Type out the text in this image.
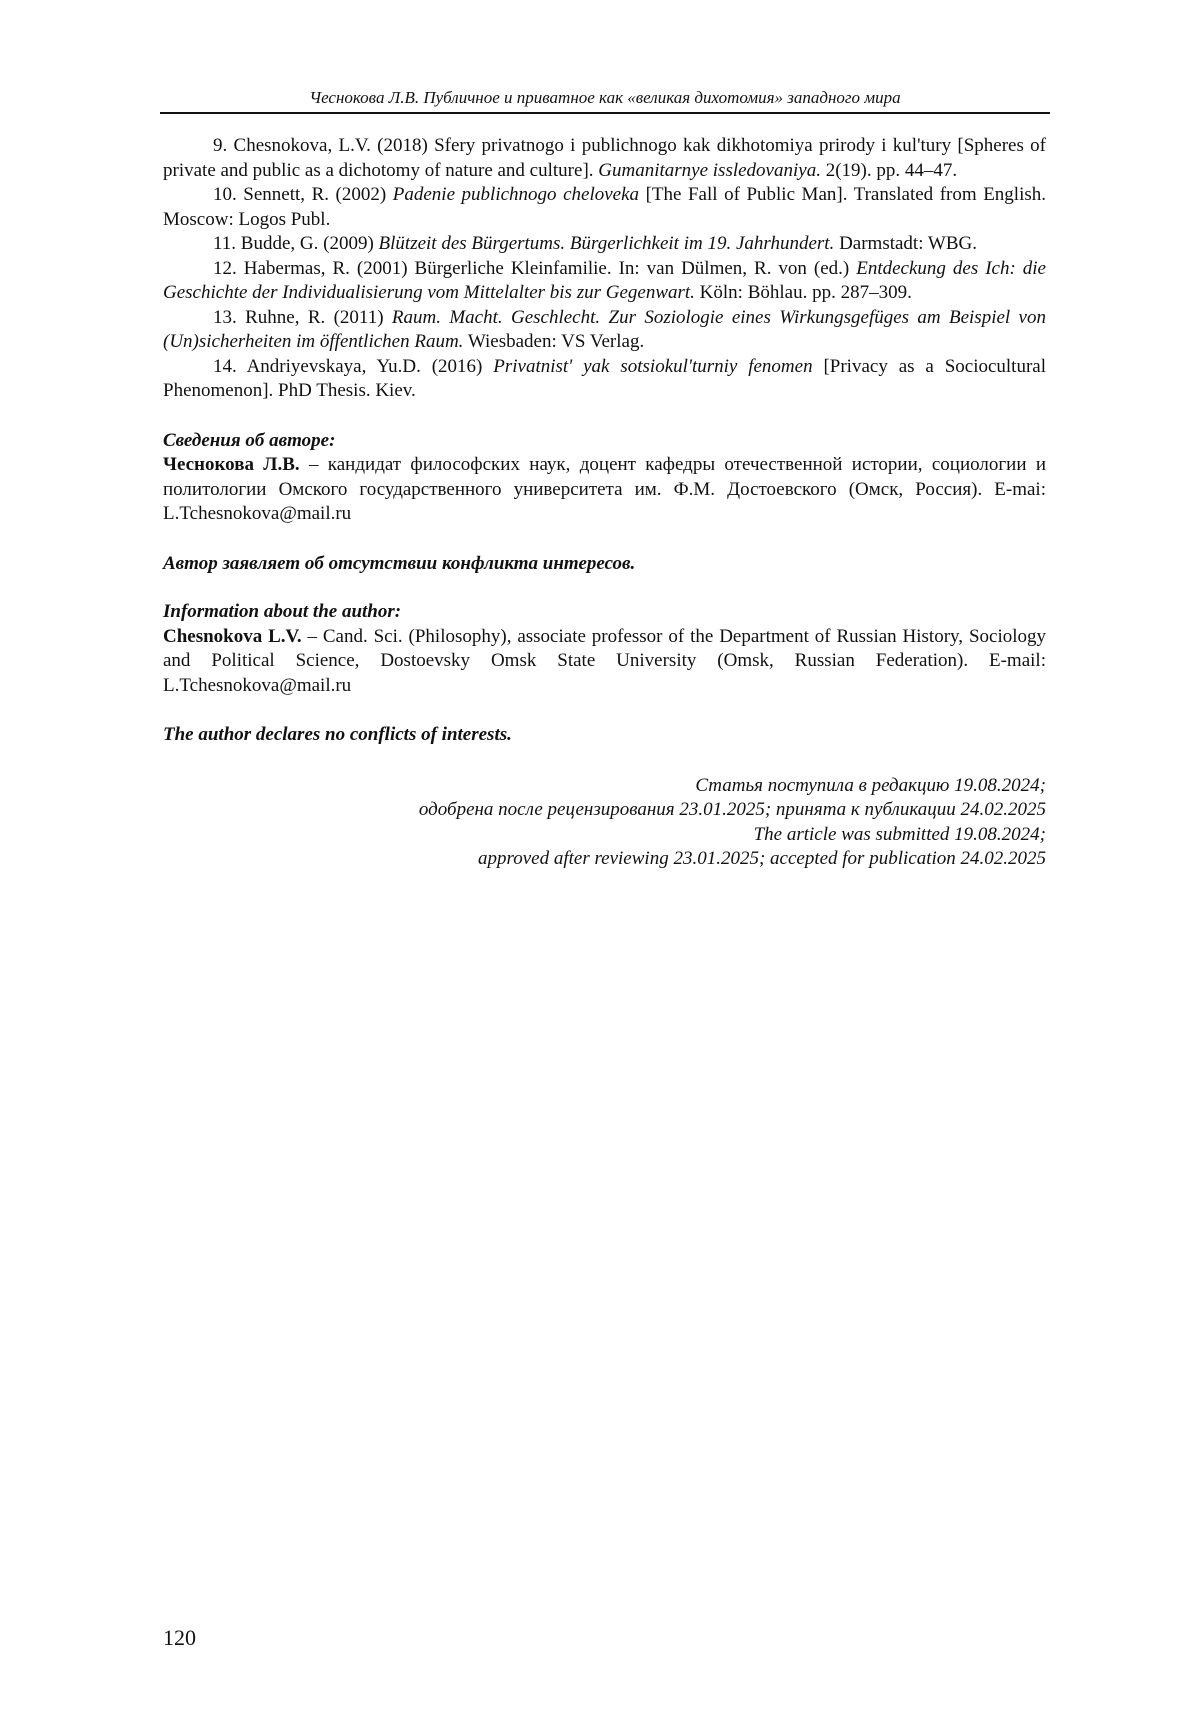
Чеснокова Л.В. Публичное и приватное как «великая дихотомия» западного мира

9. Chesnokova, L.V. (2018) Sfery privatnogo i publichnogo kak dikhotomiya prirody i kul'tury [Spheres of private and public as a dichotomy of nature and culture]. Gumanitarnye issledovaniya. 2(19). pp. 44–47.

10. Sennett, R. (2002) Padenie publichnogo cheloveka [The Fall of Public Man]. Translated from English. Moscow: Logos Publ.

11. Budde, G. (2009) Blützeit des Bürgertums. Bürgerlichkeit im 19. Jahrhundert. Darmstadt: WBG.

12. Habermas, R. (2001) Bürgerliche Kleinfamilie. In: van Dülmen, R. von (ed.) Entdeckung des Ich: die Geschichte der Individualisierung vom Mittelalter bis zur Gegenwart. Köln: Böhlau. pp. 287–309.

13. Ruhne, R. (2011) Raum. Macht. Geschlecht. Zur Soziologie eines Wirkungsgefüges am Beispiel von (Un)sicherheiten im öffentlichen Raum. Wiesbaden: VS Verlag.

14. Andriyevskaya, Yu.D. (2016) Privatnist' yak sotsiokul'turniy fenomen [Privacy as a Sociocultural Phenomenon]. PhD Thesis. Kiev.

Сведения об авторе:

Чеснокова Л.В. – кандидат философских наук, доцент кафедры отечественной истории, социологии и политологии Омского государственного университета им. Ф.М. Достоевского (Омск, Россия). E-mai: L.Tchesnokova@mail.ru

Автор заявляет об отсутствии конфликта интересов.

Information about the author:

Chesnokova L.V. – Cand. Sci. (Philosophy), associate professor of the Department of Russian History, Sociology and Political Science, Dostoevsky Omsk State University (Omsk, Russian Federation). E-mail: L.Tchesnokova@mail.ru

The author declares no conflicts of interests.

Статья поступила в редакцию 19.08.2024;
одобрена после рецензирования 23.01.2025; принята к публикации 24.02.2025
The article was submitted 19.08.2024;
approved after reviewing 23.01.2025; accepted for publication 24.02.2025
120
